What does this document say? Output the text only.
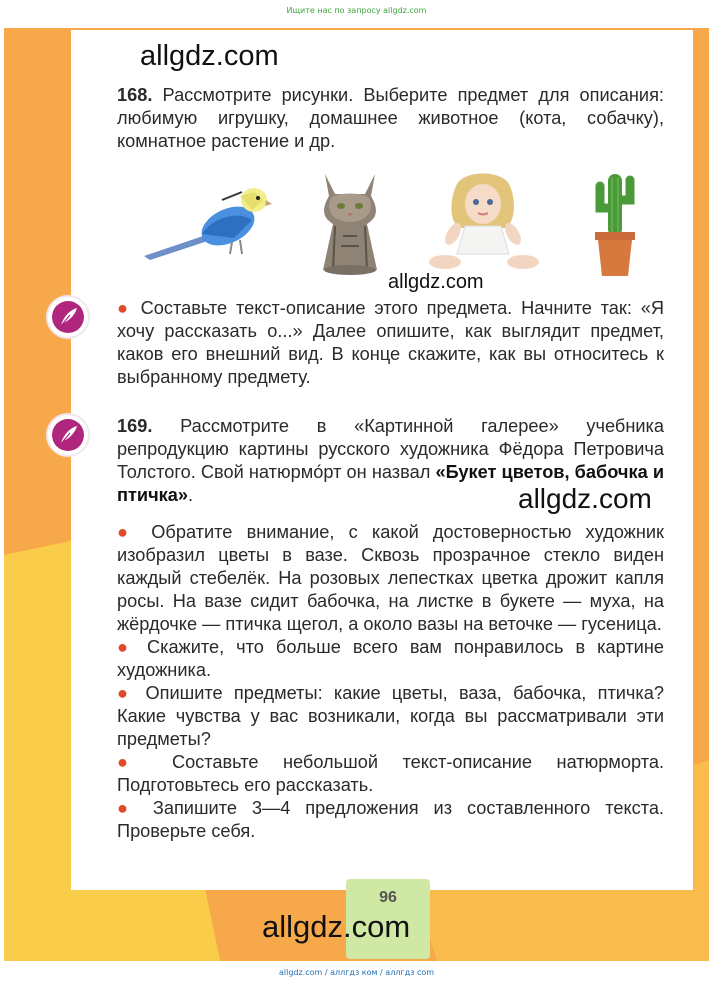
Ищите нас по запросу allgdz.com
allgdz.com

168. Рассмотрите рисунки. Выберите предмет для описания: любимую игрушку, домашнее животное (кота, собачку), комнатное растение и др.

allgdz.com

● Составьте текст-описание этого предмета. Начните так: «Я хочу рассказать о...» Далее опишите, как выглядит предмет, каков его внешний вид. В конце скажите, как вы относитесь к выбранному предмету.

169. Рассмотрите в «Картинной галерее» учебника репродукцию картины русского художника Фёдора Петровича Толстого. Свой натюрмо́рт он назвал «Букет цветов, бабочка и птичка».	allgdz.com

● Обратите внимание, с какой достоверностью художник изобразил цветы в вазе. Сквозь прозрачное стекло виден каждый стебелёк. На розовых лепестках цветка дрожит капля росы. На вазе сидит бабочка, на листке в букете — муха, на жёрдочке — птичка щегол, а около вазы на веточке — гусеница.

● Скажите, что больше всего вам понравилось в картине художника.

● Опишите предметы: какие цветы, ваза, бабочка, птичка? Какие чувства у вас возникали, когда вы рассматривали эти предметы?

● Составьте небольшой текст-описание натюрморта. Подготовьтесь его рассказать.

● Запишите 3—4 предложения из составленного текста. Проверьте себя.

96
allgdz.com
allgdz.com / аллгдз ком / аллгдз com
